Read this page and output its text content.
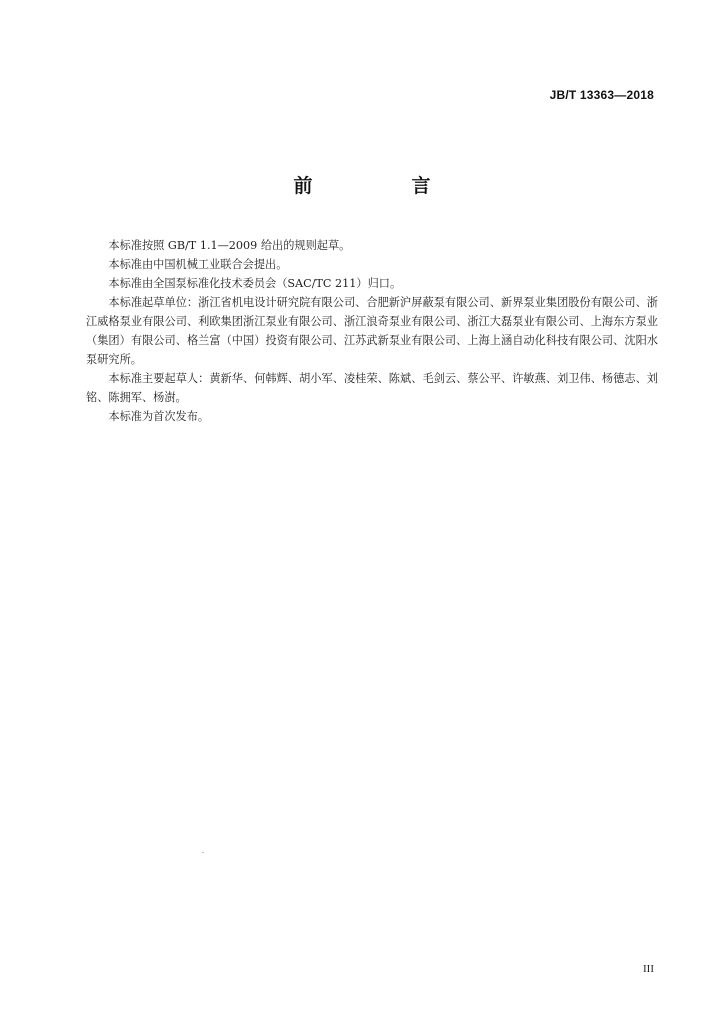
JB/T 13363—2018
前　言

本标准按照 GB/T 1.1—2009 给出的规则起草。

本标准由中国机械工业联合会提出。

本标准由全国泵标准化技术委员会（SAC/TC 211）归口。

本标准起草单位：浙江省机电设计研究院有限公司、合肥新沪屏蔽泵有限公司、新界泵业集团股份有限公司、浙江威格泵业有限公司、利欧集团浙江泵业有限公司、浙江浪奇泵业有限公司、浙江大磊泵业有限公司、上海东方泵业（集团）有限公司、格兰富（中国）投资有限公司、江苏武新泵业有限公司、上海上涵自动化科技有限公司、沈阳水泵研究所。

本标准主要起草人：黄新华、何韩辉、胡小军、凌桂荣、陈斌、毛剑云、蔡公平、许敏燕、刘卫伟、杨德志、刘铭、陈拥军、杨澍。

本标准为首次发布。

III
